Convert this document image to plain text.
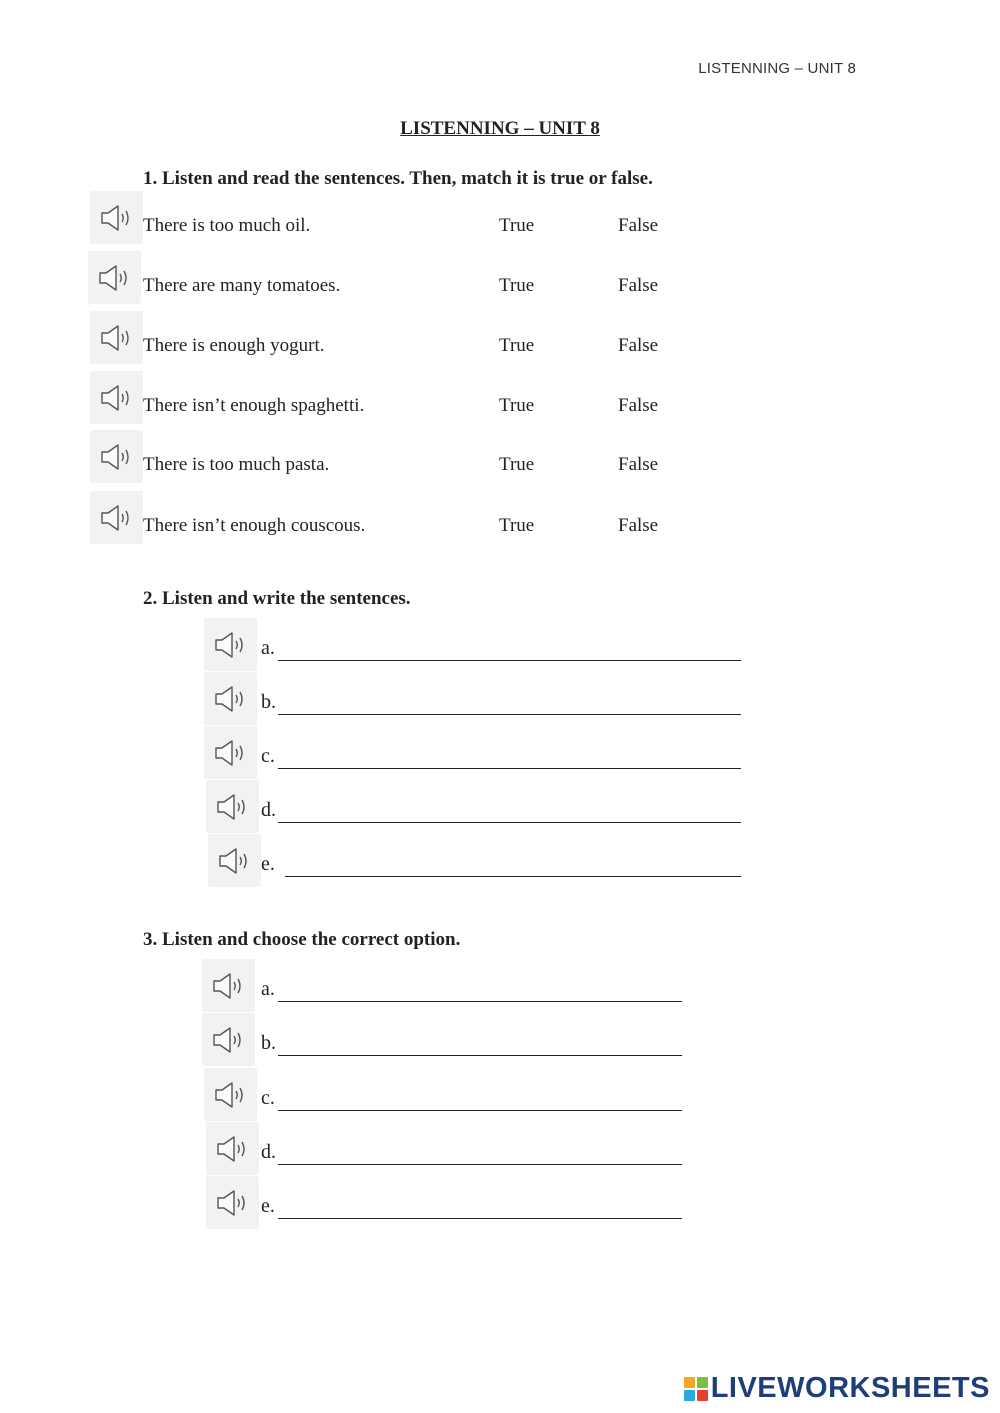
LISTENNING – UNIT 8
LISTENNING – UNIT 8
1. Listen and read the sentences. Then, match it is true or false.
There is too much oil.	True	False
There are many tomatoes.	True	False
There is enough yogurt.	True	False
There isn’t enough spaghetti.	True	False
There is too much pasta.	True	False
There isn’t enough couscous.	True	False
2. Listen and write the sentences.
a.
b.
c.
d.
e.
3. Listen and choose the correct option.
a.
b.
c.
d.
e.
LIVEWORKSHEETS
